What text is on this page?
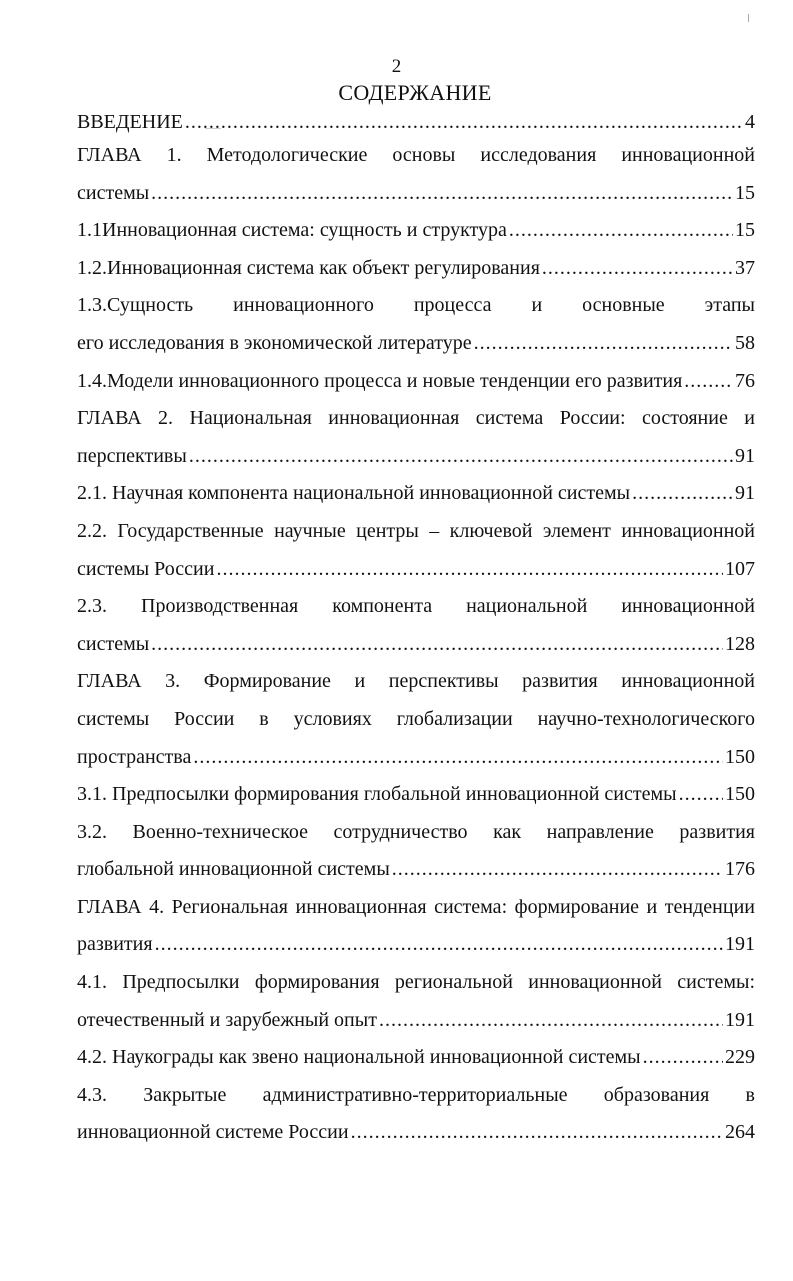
2
СОДЕРЖАНИЕ
ВВЕДЕНИЕ .....	4
ГЛАВА 1. Методологические основы исследования инновационной
системы .....	15
1.1Инновационная система: сущность и структура .....	15
1.2.Инновационная система как объект регулирования .....	37
1.3.Сущность инновационного процесса и основные этапы
его исследования в экономической литературе .....	58
1.4.Модели инновационного процесса и новые тенденции его развития .....	76
ГЛАВА 2. Национальная инновационная система России: состояние и
перспективы .....	91
2.1. Научная компонента национальной инновационной системы .....	91
2.2. Государственные научные центры – ключевой элемент инновационной
системы России .....	107
2.3. Производственная компонента национальной инновационной
системы .....	128
ГЛАВА 3. Формирование и перспективы развития инновационной
системы России в условиях глобализации научно-технологического
пространства .....	150
3.1. Предпосылки формирования глобальной инновационной системы ..... 150
3.2. Военно-техническое сотрудничество как направление развития
глобальной инновационной системы .....	176
ГЛАВА 4. Региональная инновационная система: формирование и тенденции
развития .....	191
4.1. Предпосылки формирования региональной инновационной системы:
отечественный и зарубежный опыт .....	191
4.2. Наукограды как звено национальной инновационной системы .....	229
4.3. Закрытые административно-территориальные образования в
инновационной системе России .....	264
